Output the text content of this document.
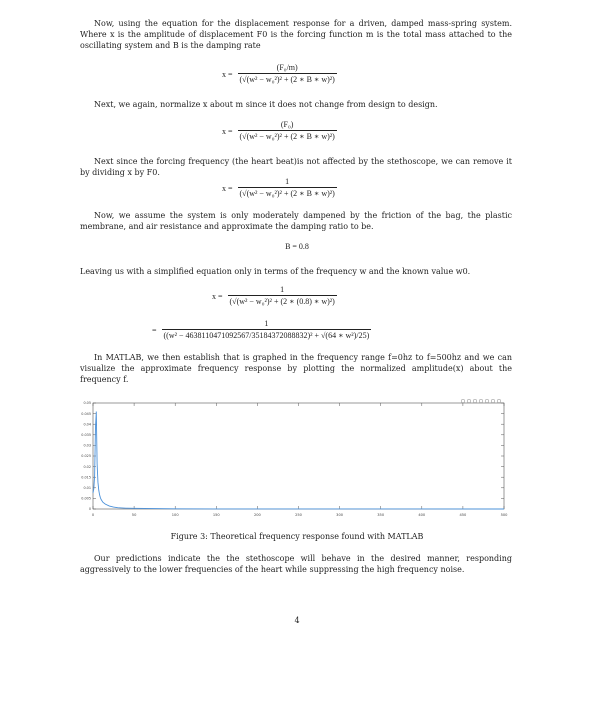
Now, using the equation for the displacement response for a driven, damped mass-spring system. Where x is the amplitude of displacement F0 is the forcing function m is the total mass attached to the oscillating system and B is the damping rate
$x = \frac{\text{(F₀/m)}}{\text{(√(w² − w₀²)² + (2 ∗ B ∗ w)²)}}$
Next, we again, normalize x about m since it does not change from design to design.
$x = \frac{\text{(F₀)}}{\text{(√(w² − w₀²)² + (2 ∗ B ∗ w)²)}}$
Next since the forcing frequency (the heart beat)is not affected by the stethoscope, we can remove it by dividing x by F0.
$x = \frac{1}{\text{(√(w² − w₀²)² + (2 ∗ B ∗ w)²)}}$
Now, we assume the system is only moderately dampened by the friction of the bag, the plastic membrane, and air resistance and approximate the damping ratio to be.
B = 0.8
Leaving us with a simplified equation only in terms of the frequency w and the known value w0.
$x = \frac{1}{\text{(√(w² − w₀²)² + (2 ∗ (0.8) ∗ w)²)}}$
= $\frac{1}{\text{((w² − 4638110471092567/35184372088832)² + √(64 ∗ w²)/25)}}$
In MATLAB, we then establish that is graphed in the frequency range f=0hz to f=500hz and we can visualize the approximate frequency response by plotting the normalized amplitude(x) about the frequency f.
0	50	100	150	200	250	300	350	400	450	500
0
0.005
0.01
0.015
0.02
0.025
0.03
0.035
0.04
0.045
0.05
Figure 3: Theoretical frequency response found with MATLAB
Our predictions indicate the the stethoscope will behave in the desired manner, responding aggressively to the lower frequencies of the heart while suppressing the high frequency noise.
4
